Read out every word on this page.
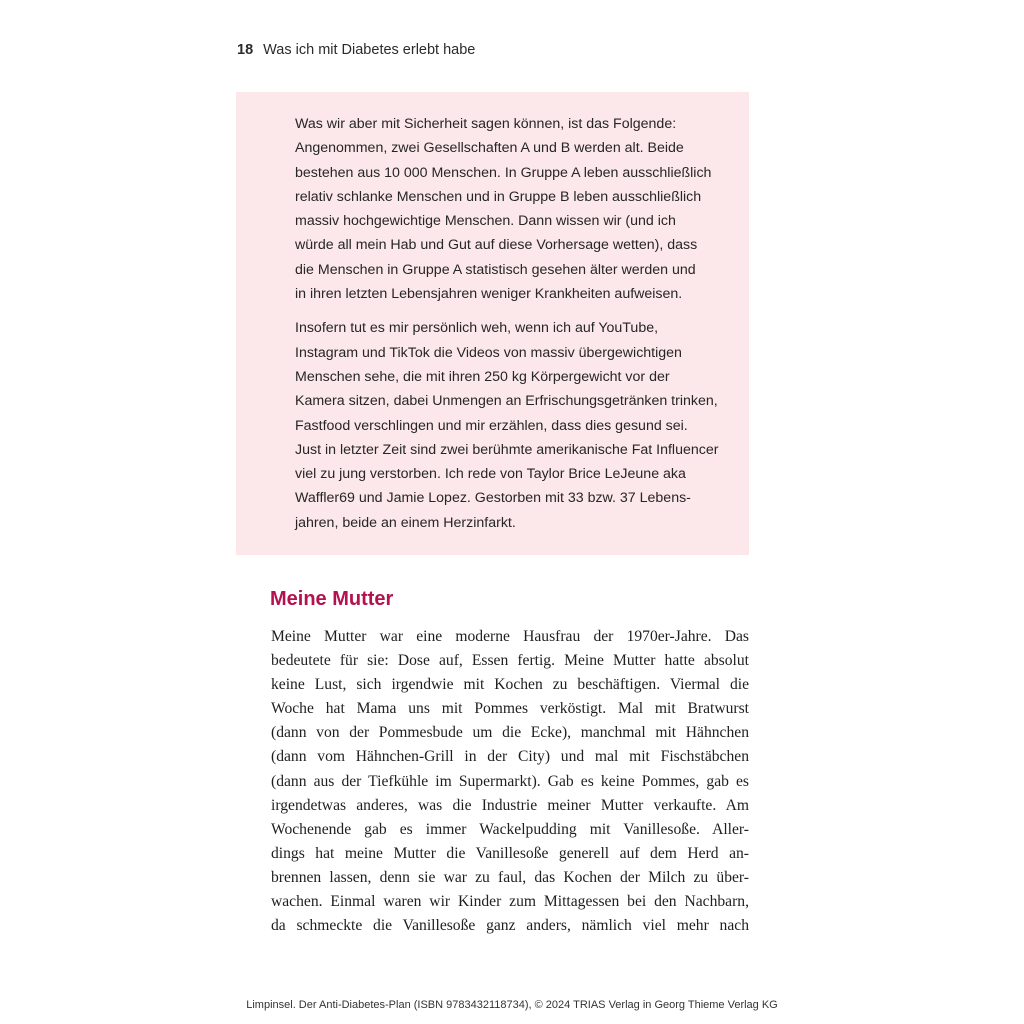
18 Was ich mit Diabetes erlebt habe
Was wir aber mit Sicherheit sagen können, ist das Folgende:
Angenommen, zwei Gesellschaften A und B werden alt. Beide
bestehen aus 10 000 Menschen. In Gruppe A leben ausschließlich
relativ schlanke Menschen und in Gruppe B leben ausschließlich
massiv hochgewichtige Menschen. Dann wissen wir (und ich
würde all mein Hab und Gut auf diese Vorhersage wetten), dass
die Menschen in Gruppe A statistisch gesehen älter werden und
in ihren letzten Lebensjahren weniger Krankheiten aufweisen.
Insofern tut es mir persönlich weh, wenn ich auf YouTube,
Instagram und TikTok die Videos von massiv übergewichtigen
Menschen sehe, die mit ihren 250 kg Körpergewicht vor der
Kamera sitzen, dabei Unmengen an Erfrischungsgetränken trinken,
Fastfood verschlingen und mir erzählen, dass dies gesund sei.
Just in letzter Zeit sind zwei berühmte amerikanische Fat Influencer
viel zu jung verstorben. Ich rede von Taylor Brice LeJeune aka
Waffler69 und Jamie Lopez. Gestorben mit 33 bzw. 37 Lebens-
jahren, beide an einem Herzinfarkt.
Meine Mutter
Meine Mutter war eine moderne Hausfrau der 1970er-Jahre. Das
bedeutete für sie: Dose auf, Essen fertig. Meine Mutter hatte absolut
keine Lust, sich irgendwie mit Kochen zu beschäftigen. Viermal die
Woche hat Mama uns mit Pommes verköstigt. Mal mit Bratwurst
(dann von der Pommesbude um die Ecke), manchmal mit Hähnchen
(dann vom Hähnchen-Grill in der City) und mal mit Fischstäbchen
(dann aus der Tiefkühle im Supermarkt). Gab es keine Pommes, gab es
irgendetwas anderes, was die Industrie meiner Mutter verkaufte. Am
Wochenende gab es immer Wackelpudding mit Vanillesoße. Aller-
dings hat meine Mutter die Vanillesoße generell auf dem Herd an-
brennen lassen, denn sie war zu faul, das Kochen der Milch zu über-
wachen. Einmal waren wir Kinder zum Mittagessen bei den Nachbarn,
da schmeckte die Vanillesoße ganz anders, nämlich viel mehr nach
Limpinsel. Der Anti-Diabetes-Plan (ISBN 9783432118734), © 2024 TRIAS Verlag in Georg Thieme Verlag KG
